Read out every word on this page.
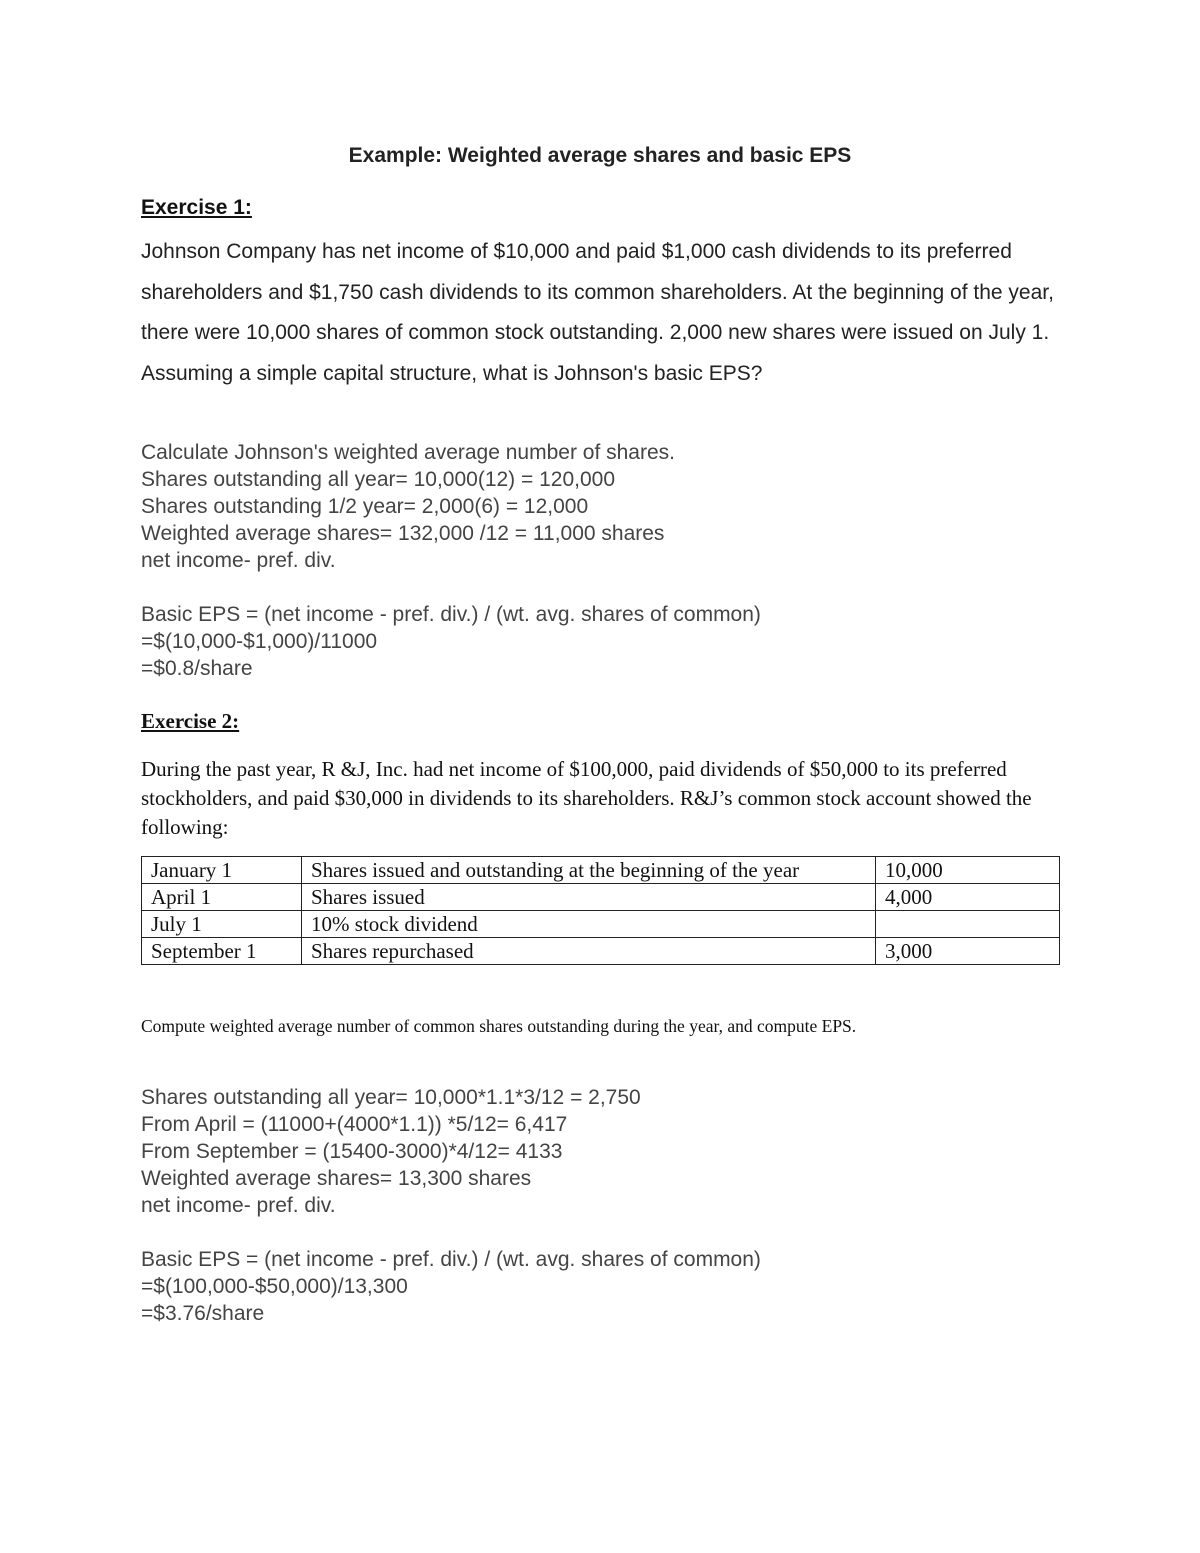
Example: Weighted average shares and basic EPS
Exercise 1:
Johnson Company has net income of $10,000 and paid $1,000 cash dividends to its preferred shareholders and $1,750 cash dividends to its common shareholders. At the beginning of the year, there were 10,000 shares of common stock outstanding. 2,000 new shares were issued on July 1. Assuming a simple capital structure, what is Johnson's basic EPS?
Calculate Johnson's weighted average number of shares.
Shares outstanding all year= 10,000(12) = 120,000
Shares outstanding 1/2 year= 2,000(6) = 12,000
Weighted average shares= 132,000 /12 = 11,000 shares
net income- pref. div.
Basic EPS = (net income - pref. div.) / (wt. avg. shares of common)
=$(10,000-$1,000)/11000
=$0.8/share
Exercise 2:
During the past year, R &J, Inc. had net income of $100,000, paid dividends of $50,000 to its preferred stockholders, and paid $30,000 in dividends to its shareholders. R&J’s common stock account showed the following:
January 1	Shares issued and outstanding at the beginning of the year	10,000
April 1	Shares issued	4,000
July 1	10% stock dividend	
September 1	Shares repurchased	3,000
Compute weighted average number of common shares outstanding during the year, and compute EPS.
Shares outstanding all year= 10,000*1.1*3/12 = 2,750
From April = (11000+(4000*1.1)) *5/12= 6,417
From September = (15400-3000)*4/12= 4133
Weighted average shares= 13,300 shares
net income- pref. div.
Basic EPS = (net income - pref. div.) / (wt. avg. shares of common)
=$(100,000-$50,000)/13,300
=$3.76/share
